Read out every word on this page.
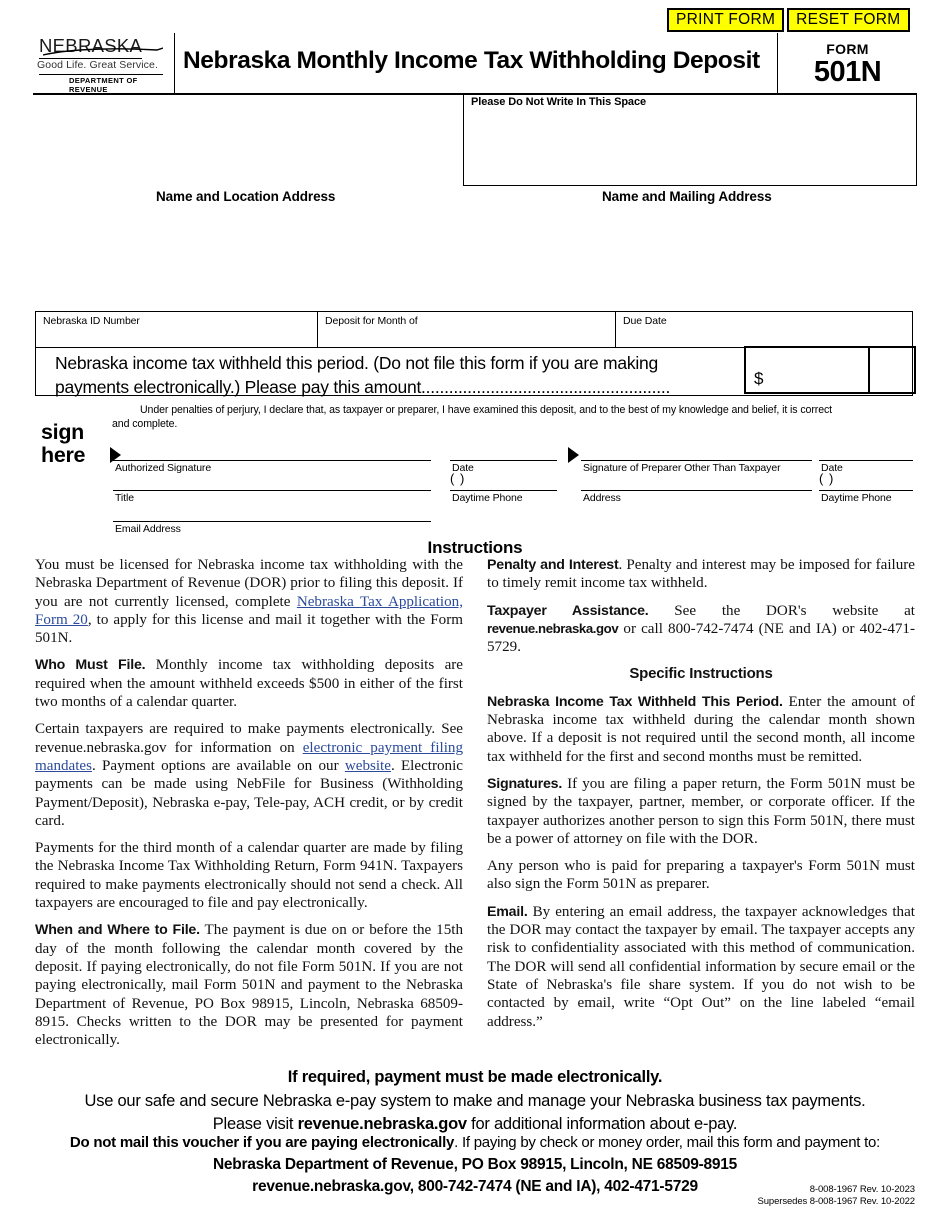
PRINT FORM	RESET FORM
NEBRASKA
Good Life. Great Service.
DEPARTMENT OF REVENUE
Nebraska Monthly Income Tax Withholding Deposit	FORM
501N
Please Do Not Write In This Space
Name and Location Address	Name and Mailing Address
Nebraska ID Number	Deposit for Month of	Due Date
Nebraska income tax withheld this period. (Do not file this form if you are making
payments electronically.) Please pay this amount......................................................	$
Under penalties of perjury, I declare that, as taxpayer or preparer, I have examined this deposit, and to the best of my knowledge and belief, it is correct and complete.
sign
here
Authorized Signature	Date	Signature of Preparer Other Than Taxpayer	Date
( )	( )
Title	Daytime Phone	Address	Daytime Phone
Email Address
Instructions

You must be licensed for Nebraska income tax withholding with the Nebraska Department of Revenue (DOR) prior to filing this deposit. If you are not currently licensed, complete Nebraska Tax Application, Form 20, to apply for this license and mail it together with the Form 501N.

Who Must File. Monthly income tax withholding deposits are required when the amount withheld exceeds $500 in either of the first two months of a calendar quarter.

Certain taxpayers are required to make payments electronically. See revenue.nebraska.gov for information on electronic payment filing mandates. Payment options are available on our website. Electronic payments can be made using NebFile for Business (Withholding Payment/Deposit), Nebraska e-pay, Tele-pay, ACH credit, or by credit card.

Payments for the third month of a calendar quarter are made by filing the Nebraska Income Tax Withholding Return, Form 941N. Taxpayers required to make payments electronically should not send a check. All taxpayers are encouraged to file and pay electronically.

When and Where to File. The payment is due on or before the 15th day of the month following the calendar month covered by the deposit. If paying electronically, do not file Form 501N. If you are not paying electronically, mail Form 501N and payment to the Nebraska Department of Revenue, PO Box 98915, Lincoln, Nebraska 68509-8915. Checks written to the DOR may be presented for payment electronically.

Penalty and Interest. Penalty and interest may be imposed for failure to timely remit income tax withheld.

Taxpayer Assistance. See the DOR's website at revenue.nebraska.gov or call 800-742-7474 (NE and IA) or 402-471-5729.

Specific Instructions

Nebraska Income Tax Withheld This Period. Enter the amount of Nebraska income tax withheld during the calendar month shown above. If a deposit is not required until the second month, all income tax withheld for the first and second months must be remitted.

Signatures. If you are filing a paper return, the Form 501N must be signed by the taxpayer, partner, member, or corporate officer. If the taxpayer authorizes another person to sign this Form 501N, there must be a power of attorney on file with the DOR.

Any person who is paid for preparing a taxpayer's Form 501N must also sign the Form 501N as preparer.

Email. By entering an email address, the taxpayer acknowledges that the DOR may contact the taxpayer by email. The taxpayer accepts any risk to confidentiality associated with this method of communication. The DOR will send all confidential information by secure email or the State of Nebraska's file share system. If you do not wish to be contacted by email, write “Opt Out” on the line labeled “email address.”

If required, payment must be made electronically.
Use our safe and secure Nebraska e-pay system to make and manage your Nebraska business tax payments.
Please visit revenue.nebraska.gov for additional information about e-pay.
Do not mail this voucher if you are paying electronically. If paying by check or money order, mail this form and payment to:
Nebraska Department of Revenue, PO Box 98915, Lincoln, NE 68509-8915
revenue.nebraska.gov, 800-742-7474 (NE and IA), 402-471-5729	8-008-1967 Rev. 10-2023
Supersedes 8-008-1967 Rev. 10-2022
